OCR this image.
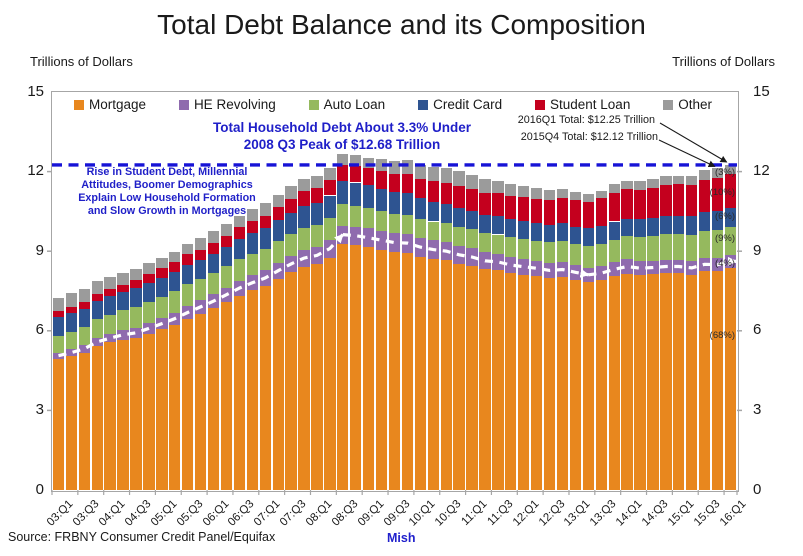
Total Debt Balance and its Composition
Trillions of Dollars	Trillions of Dollars
0	0
3	3
6	6
9	9
12	12
15	15
Mortgage	HE Revolving	Auto Loan	Credit Card	Student Loan	Other
Total Household Debt About 3.3% Under
2008 Q3 Peak of $12.68 Trillion
Rise in Student Debt, Millennial
Attitudes, Boomer Demographics
Explain Low Household Formation
and Slow Growth in Mortgages
2016Q1 Total: $12.25 Trillion
2015Q4 Total: $12.12 Trillion
(3%)
(10%)
(6%)
(9%)
(4%)
(68%)
03:Q1
03:Q3
04:Q1
04:Q3
05:Q1
05:Q3
06:Q1
06:Q3
07:Q1
07:Q3
08:Q1
08:Q3
09:Q1
09:Q3
10:Q1
10:Q3
11:Q1
11:Q3
12:Q1
12:Q3
13:Q1
13:Q3
14:Q1
14:Q3
15:Q1
15:Q3
16:Q1
Source: FRBNY Consumer Credit Panel/Equifax	Mish
